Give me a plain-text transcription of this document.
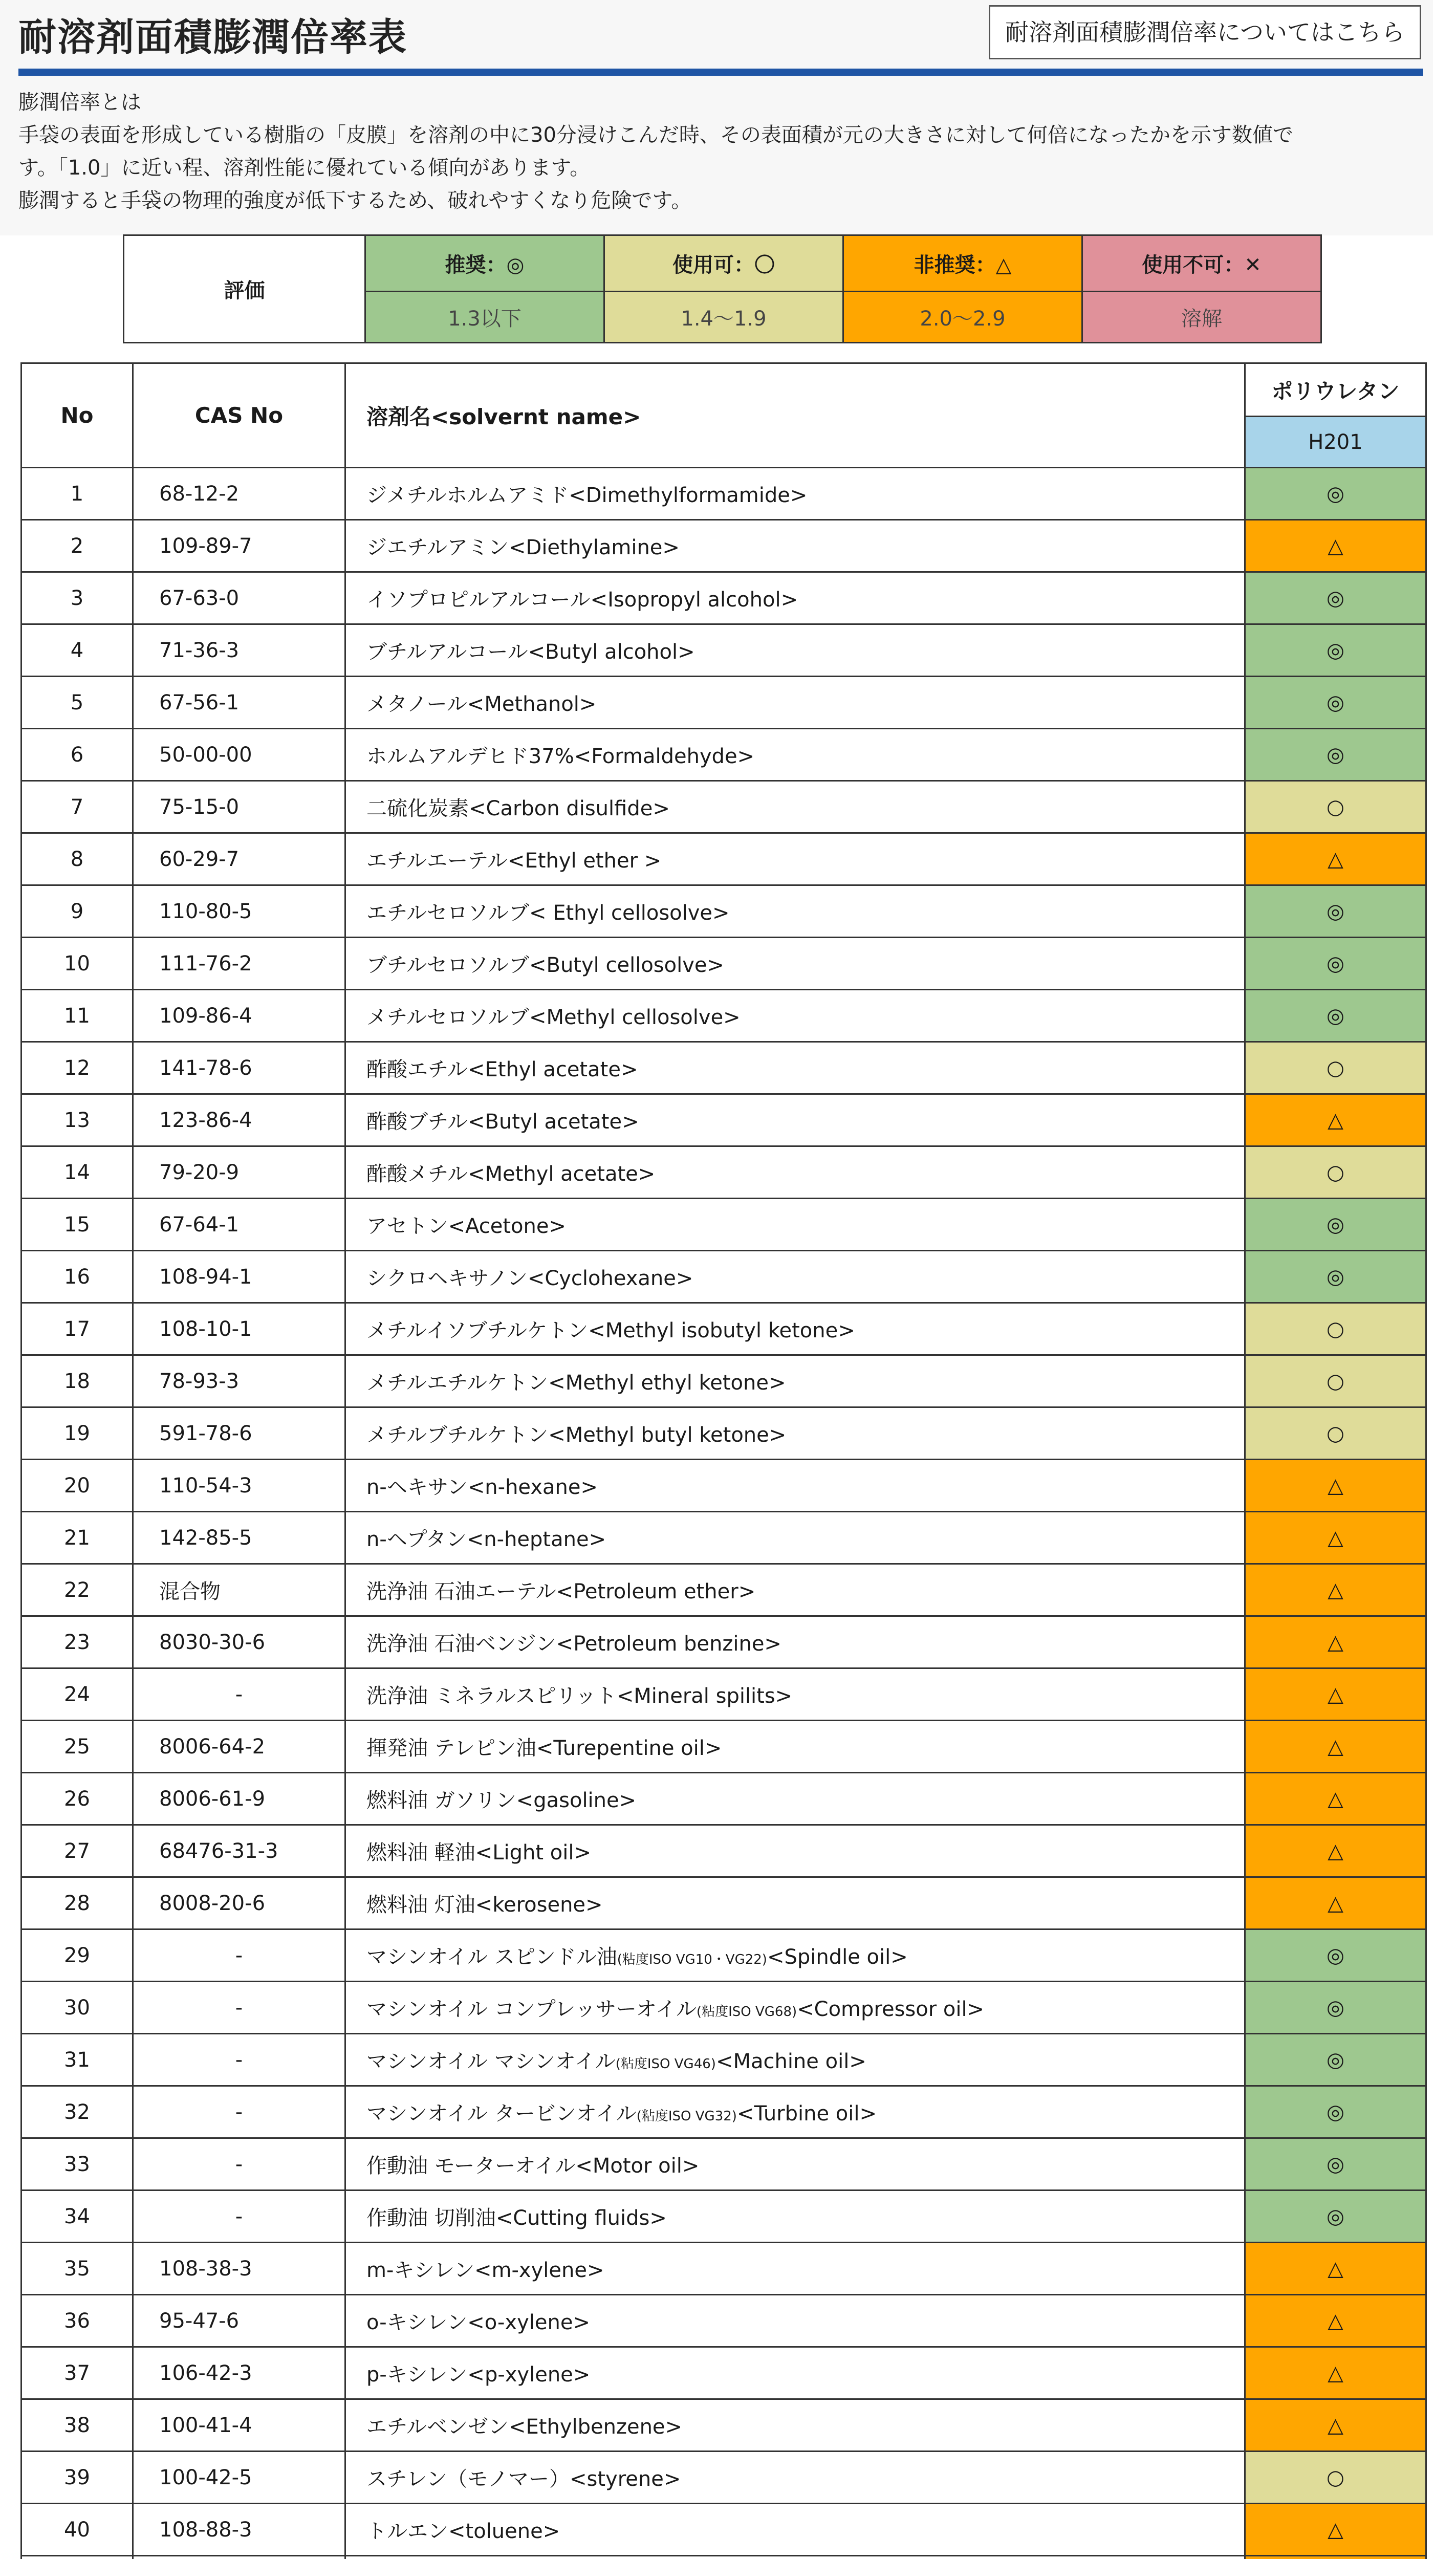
耐溶剤面積膨潤倍率表	耐溶剤面積膨潤倍率についてはこちら
膨潤倍率とは
手袋の表面を形成している樹脂の「皮膜」を溶剤の中に30分浸けこんだ時、その表面積が元の大きさに対して何倍になったかを示す数値で
す。「1.0」に近い程、溶剤性能に優れている傾向があります。
膨潤すると手袋の物理的強度が低下するため、破れやすくなり危険です。
評価	推奨：◎	使用可：〇	非推奨：△	使用不可：✕
	1.3以下	1.4～1.9	2.0～2.9	溶解
No	CAS No	溶剤名<solvernt name>	ポリウレタン
			H201
1	68-12-2	ジメチルホルムアミド<Dimethylformamide>	◎
2	109-89-7	ジエチルアミン<Diethylamine>	△
3	67-63-0	イソプロピルアルコール<Isopropyl alcohol>	◎
4	71-36-3	ブチルアルコール<Butyl alcohol>	◎
5	67-56-1	メタノール<Methanol>	◎
6	50-00-00	ホルムアルデヒド37%<Formaldehyde>	◎
7	75-15-0	二硫化炭素<Carbon disulfide>	○
8	60-29-7	エチルエーテル<Ethyl ether >	△
9	110-80-5	エチルセロソルブ< Ethyl cellosolve>	◎
10	111-76-2	ブチルセロソルブ<Butyl cellosolve>	◎
11	109-86-4	メチルセロソルブ<Methyl cellosolve>	◎
12	141-78-6	酢酸エチル<Ethyl acetate>	○
13	123-86-4	酢酸ブチル<Butyl acetate>	△
14	79-20-9	酢酸メチル<Methyl acetate>	○
15	67-64-1	アセトン<Acetone>	◎
16	108-94-1	シクロヘキサノン<Cyclohexane>	◎
17	108-10-1	メチルイソブチルケトン<Methyl isobutyl ketone>	○
18	78-93-3	メチルエチルケトン<Methyl ethyl ketone>	○
19	591-78-6	メチルブチルケトン<Methyl butyl ketone>	○
20	110-54-3	n-ヘキサン<n-hexane>	△
21	142-85-5	n-ヘプタン<n-heptane>	△
22	混合物	洗浄油 石油エーテル<Petroleum ether>	△
23	8030-30-6	洗浄油 石油ベンジン<Petroleum benzine>	△
24	-	洗浄油 ミネラルスピリット<Mineral spilits>	△
25	8006-64-2	揮発油 テレピン油<Turepentine oil>	△
26	8006-61-9	燃料油 ガソリン<gasoline>	△
27	68476-31-3	燃料油 軽油<Light oil>	△
28	8008-20-6	燃料油 灯油<kerosene>	△
29	-	マシンオイル スピンドル油(粘度ISO VG10・VG22)<Spindle oil>	◎
30	-	マシンオイル コンプレッサーオイル(粘度ISO VG68)<Compressor oil>	◎
31	-	マシンオイル マシンオイル(粘度ISO VG46)<Machine oil>	◎
32	-	マシンオイル タービンオイル(粘度ISO VG32)<Turbine oil>	◎
33	-	作動油 モーターオイル<Motor oil>	◎
34	-	作動油 切削油<Cutting fluids>	◎
35	108-38-3	m-キシレン<m-xylene>	△
36	95-47-6	o-キシレン<o-xylene>	△
37	106-42-3	p-キシレン<p-xylene>	△
38	100-41-4	エチルベンゼン<Ethylbenzene>	△
39	100-42-5	スチレン（モノマー）<styrene>	○
40	108-88-3	トルエン<toluene>	△
